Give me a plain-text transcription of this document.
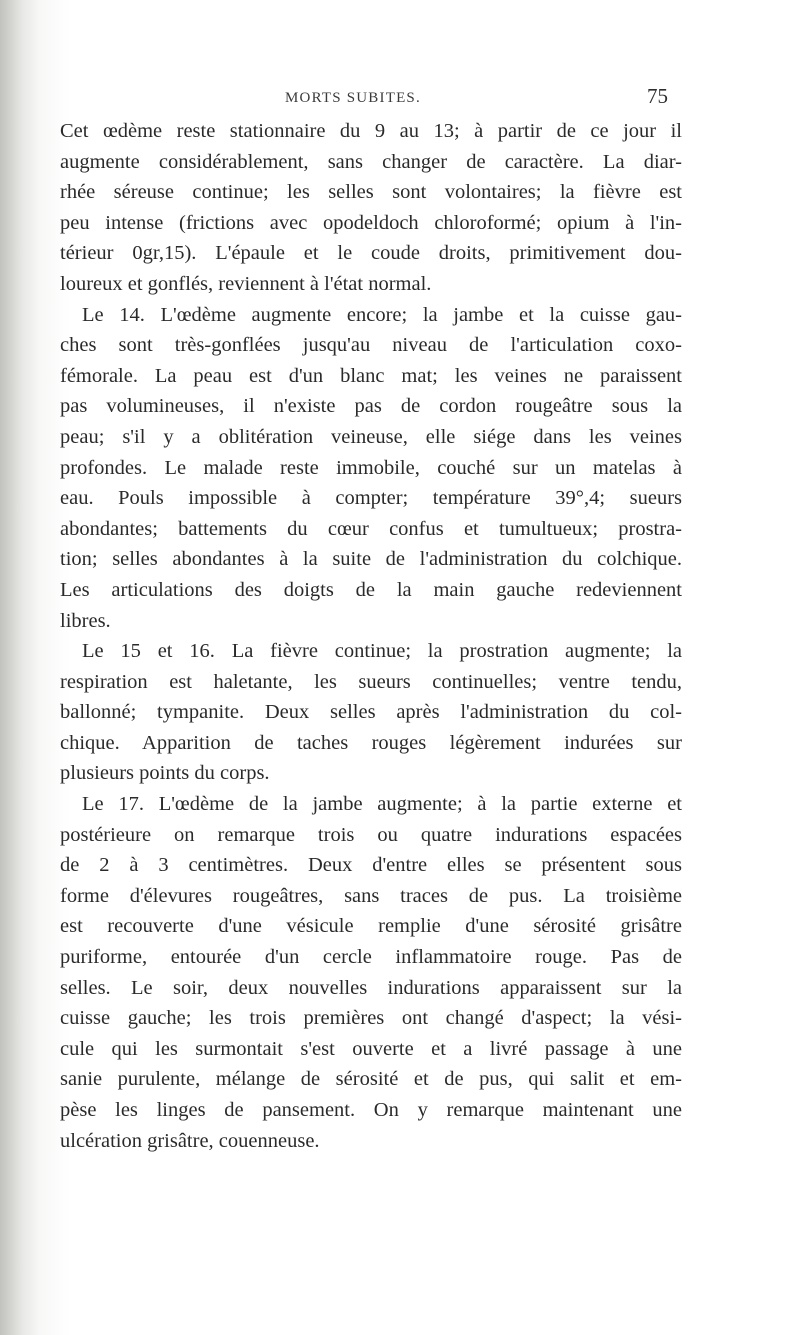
MORTS SUBITES.	75
Cet œdème reste stationnaire du 9 au 13; à partir de ce jour il
augmente considérablement, sans changer de caractère. La diar-
rhée séreuse continue; les selles sont volontaires; la fièvre est
peu intense (frictions avec opodeldoch chloroformé; opium à l'in-
térieur 0gr,15). L'épaule et le coude droits, primitivement dou-
loureux et gonflés, reviennent à l'état normal.
Le 14. L'œdème augmente encore; la jambe et la cuisse gau-
ches sont très-gonflées jusqu'au niveau de l'articulation coxo-
fémorale. La peau est d'un blanc mat; les veines ne paraissent
pas volumineuses, il n'existe pas de cordon rougeâtre sous la
peau; s'il y a oblitération veineuse, elle siége dans les veines
profondes. Le malade reste immobile, couché sur un matelas à
eau. Pouls impossible à compter; température 39°,4; sueurs
abondantes; battements du cœur confus et tumultueux; prostra-
tion; selles abondantes à la suite de l'administration du colchique.
Les articulations des doigts de la main gauche redeviennent
libres.
Le 15 et 16. La fièvre continue; la prostration augmente; la
respiration est haletante, les sueurs continuelles; ventre tendu,
ballonné; tympanite. Deux selles après l'administration du col-
chique. Apparition de taches rouges légèrement indurées sur
plusieurs points du corps.
Le 17. L'œdème de la jambe augmente; à la partie externe et
postérieure on remarque trois ou quatre indurations espacées
de 2 à 3 centimètres. Deux d'entre elles se présentent sous
forme d'élevures rougeâtres, sans traces de pus. La troisième
est recouverte d'une vésicule remplie d'une sérosité grisâtre
puriforme, entourée d'un cercle inflammatoire rouge. Pas de
selles. Le soir, deux nouvelles indurations apparaissent sur la
cuisse gauche; les trois premières ont changé d'aspect; la vési-
cule qui les surmontait s'est ouverte et a livré passage à une
sanie purulente, mélange de sérosité et de pus, qui salit et em-
pèse les linges de pansement. On y remarque maintenant une
ulcération grisâtre, couenneuse.
